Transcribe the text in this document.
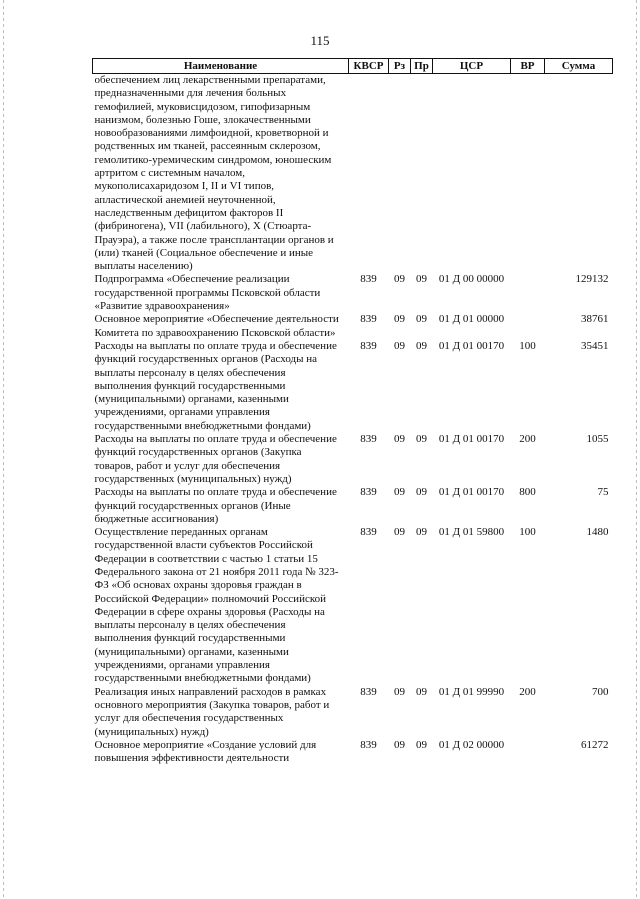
115
Наименование	КВСР	Рз	Пр	ЦСР	ВР	Сумма
обеспечением лиц лекарственными препаратами, предназначенными для лечения больных гемофилией, муковисцидозом, гипофизарным нанизмом, болезнью Гоше, злокачественными новообразованиями лимфоидной, кроветворной и родственных им тканей, рассеянным склерозом, гемолитико-уремическим синдромом, юношеским артритом с системным началом, мукополисахаридозом I, II и VI типов, апластической анемией неуточненной, наследственным дефицитом факторов II (фибриногена), VII (лабильного), X (Стюарта-Прауэра), а также после трансплантации органов и (или) тканей (Социальное обеспечение и иные выплаты населению)						
Подпрограмма «Обеспечение реализации государственной программы Псковской области «Развитие здравоохранения»	839	09	09	01 Д 00 00000		129132
Основное мероприятие «Обеспечение деятельности Комитета по здравоохранению Псковской области»	839	09	09	01 Д 01 00000		38761
Расходы на выплаты по оплате труда и обеспечение функций государственных органов (Расходы на выплаты персоналу в целях обеспечения выполнения функций государственными (муниципальными) органами, казенными учреждениями, органами управления государственными внебюджетными фондами)	839	09	09	01 Д 01 00170	100	35451
Расходы на выплаты по оплате труда и обеспечение функций государственных органов (Закупка товаров, работ и услуг для обеспечения государственных (муниципальных) нужд)	839	09	09	01 Д 01 00170	200	1055
Расходы на выплаты по оплате труда и обеспечение функций государственных органов (Иные бюджетные ассигнования)	839	09	09	01 Д 01 00170	800	75
Осуществление переданных органам государственной власти субъектов Российской Федерации в соответствии с частью 1 статьи 15 Федерального закона от 21 ноября 2011 года № 323-ФЗ «Об основах охраны здоровья граждан в Российской Федерации» полномочий Российской Федерации в сфере охраны здоровья (Расходы на выплаты персоналу в целях обеспечения выполнения функций государственными (муниципальными) органами, казенными учреждениями, органами управления государственными внебюджетными фондами)	839	09	09	01 Д 01 59800	100	1480
Реализация иных направлений расходов в рамках основного мероприятия (Закупка товаров, работ и услуг для обеспечения государственных (муниципальных) нужд)	839	09	09	01 Д 01 99990	200	700
Основное мероприятие «Создание условий для повышения эффективности деятельности	839	09	09	01 Д 02 00000		61272
